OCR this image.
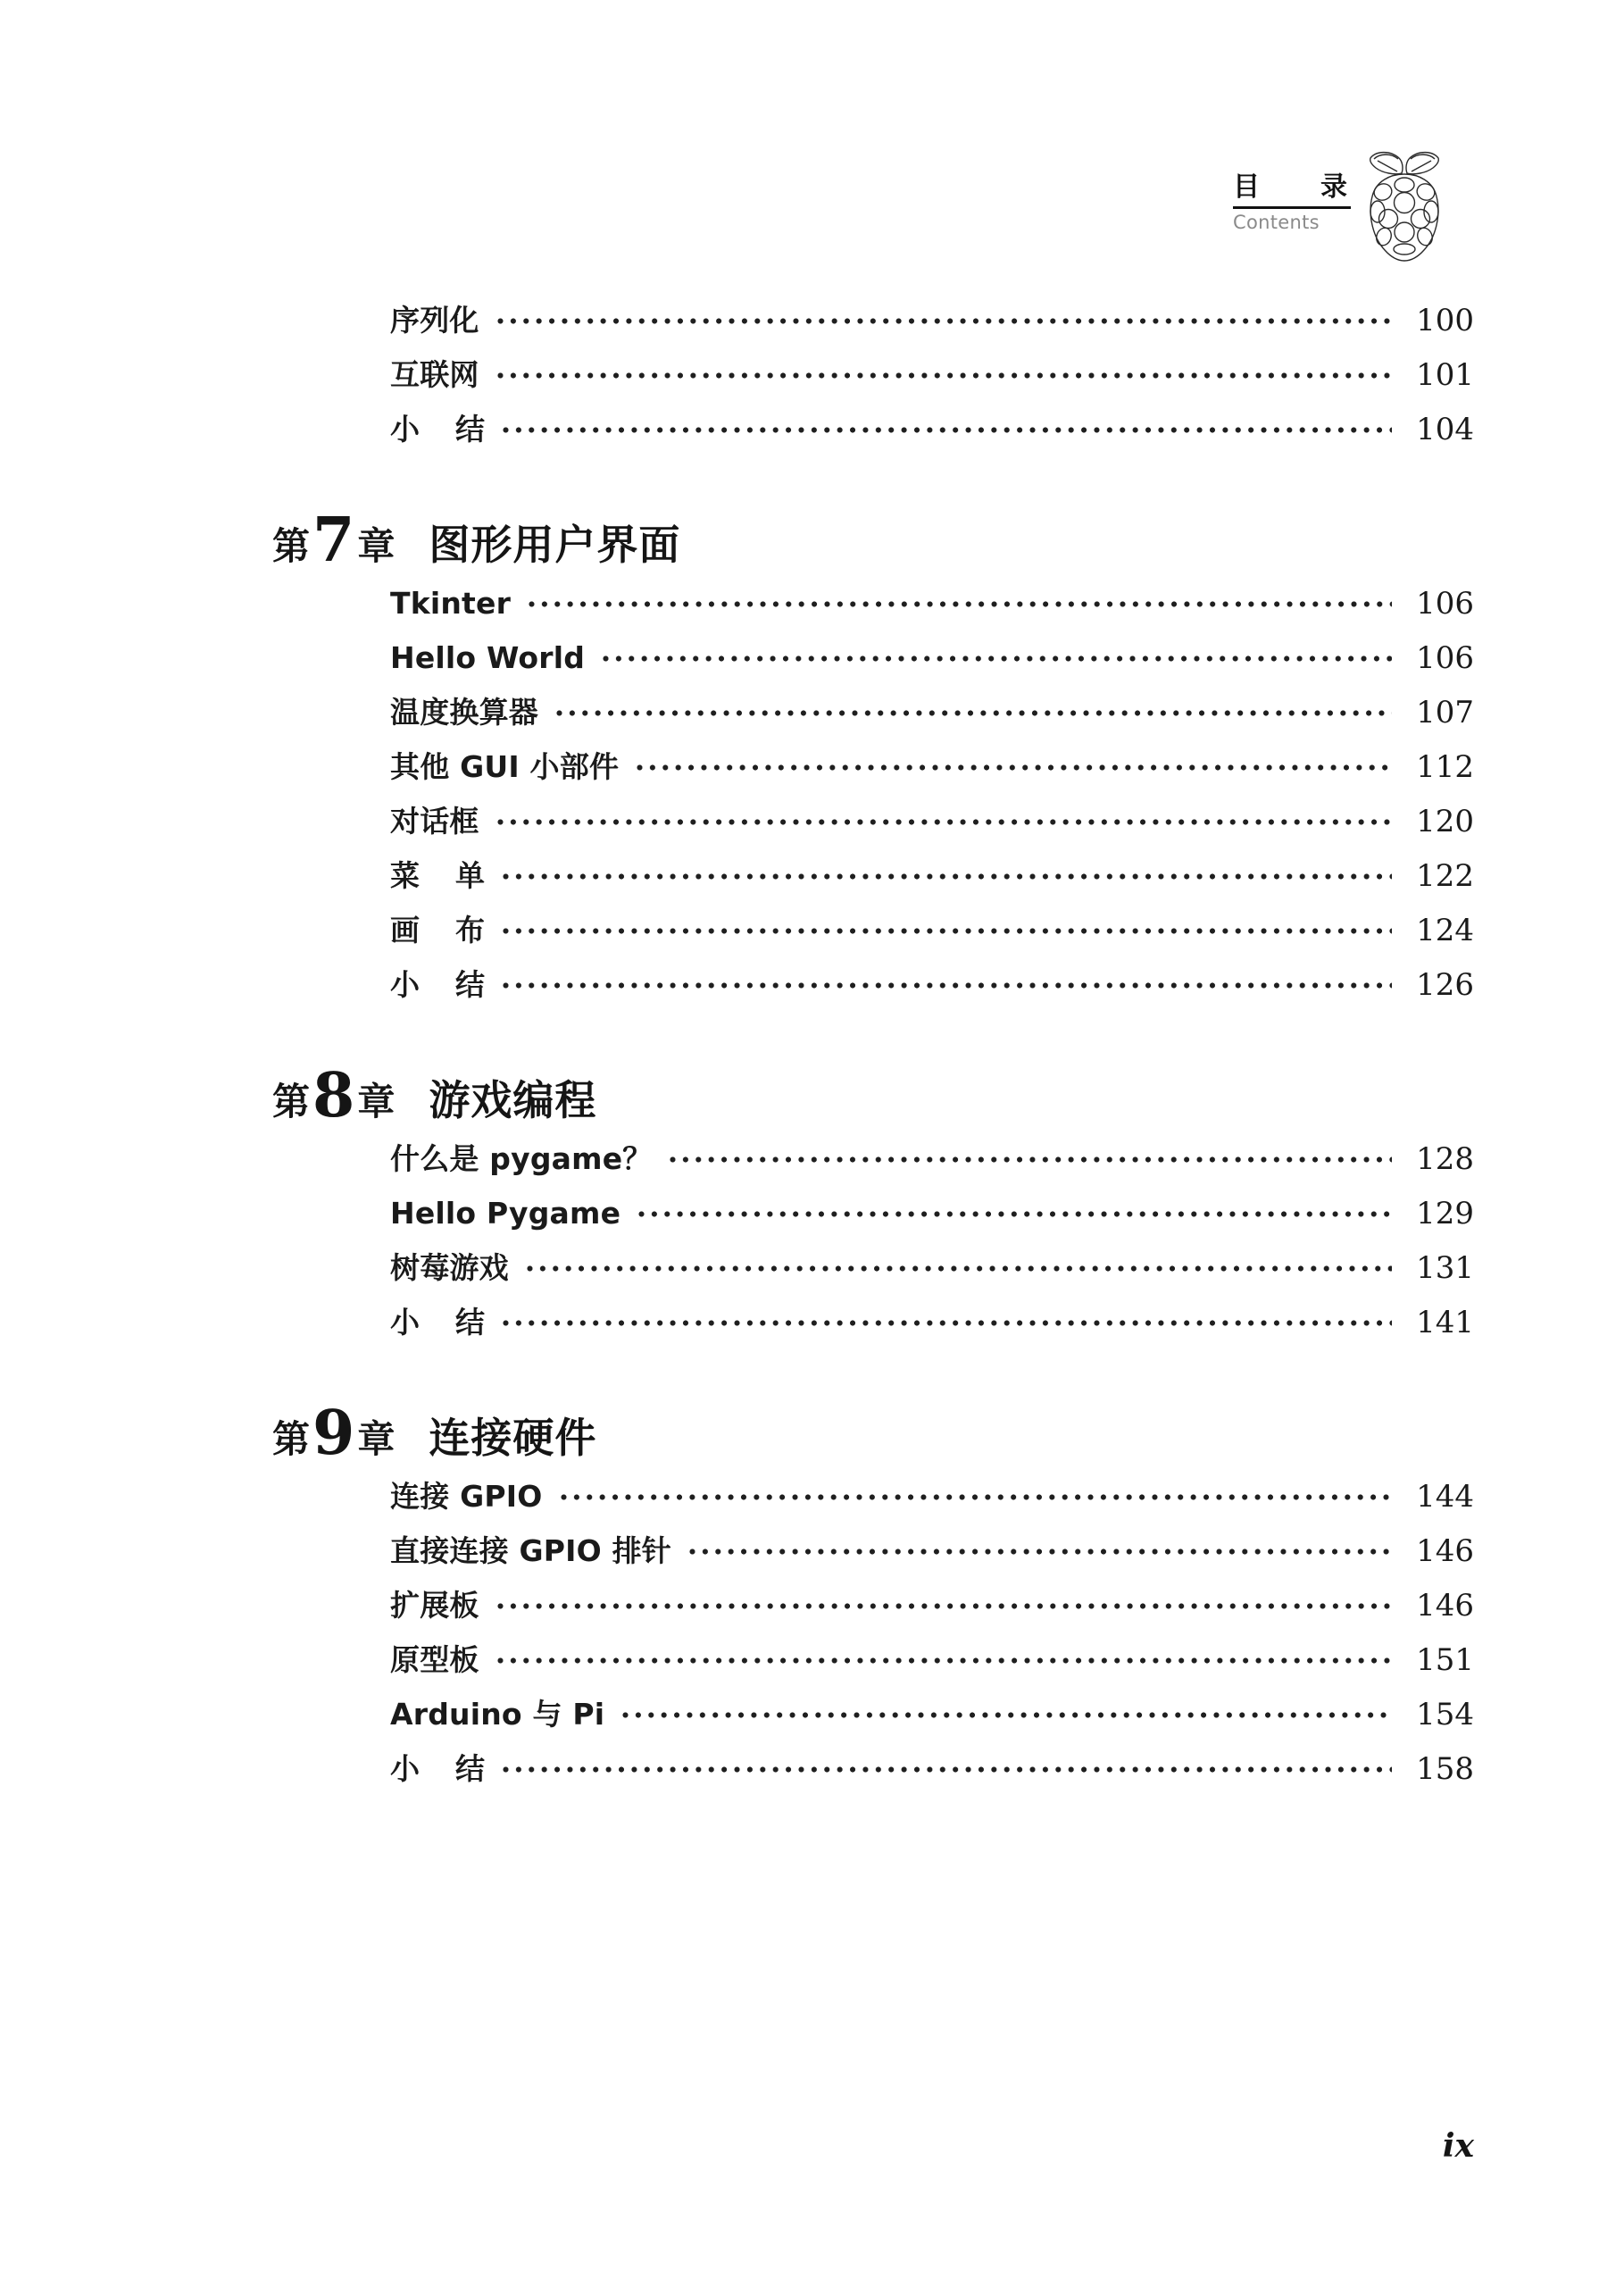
目 录
Contents
序列化	100
互联网	101
小 结	104
第 7 章 图形用户界面
Tkinter	106
Hello World	106
温度换算器	107
其他 GUI 小部件	112
对话框	120
菜 单	122
画 布	124
小 结	126
第 8 章 游戏编程
什么是 pygame？	128
Hello Pygame	129
树莓游戏	131
小 结	141
第 9 章 连接硬件
连接 GPIO	144
直接连接 GPIO 排针	146
扩展板	146
原型板	151
Arduino 与 Pi	154
小 结	158
ix
